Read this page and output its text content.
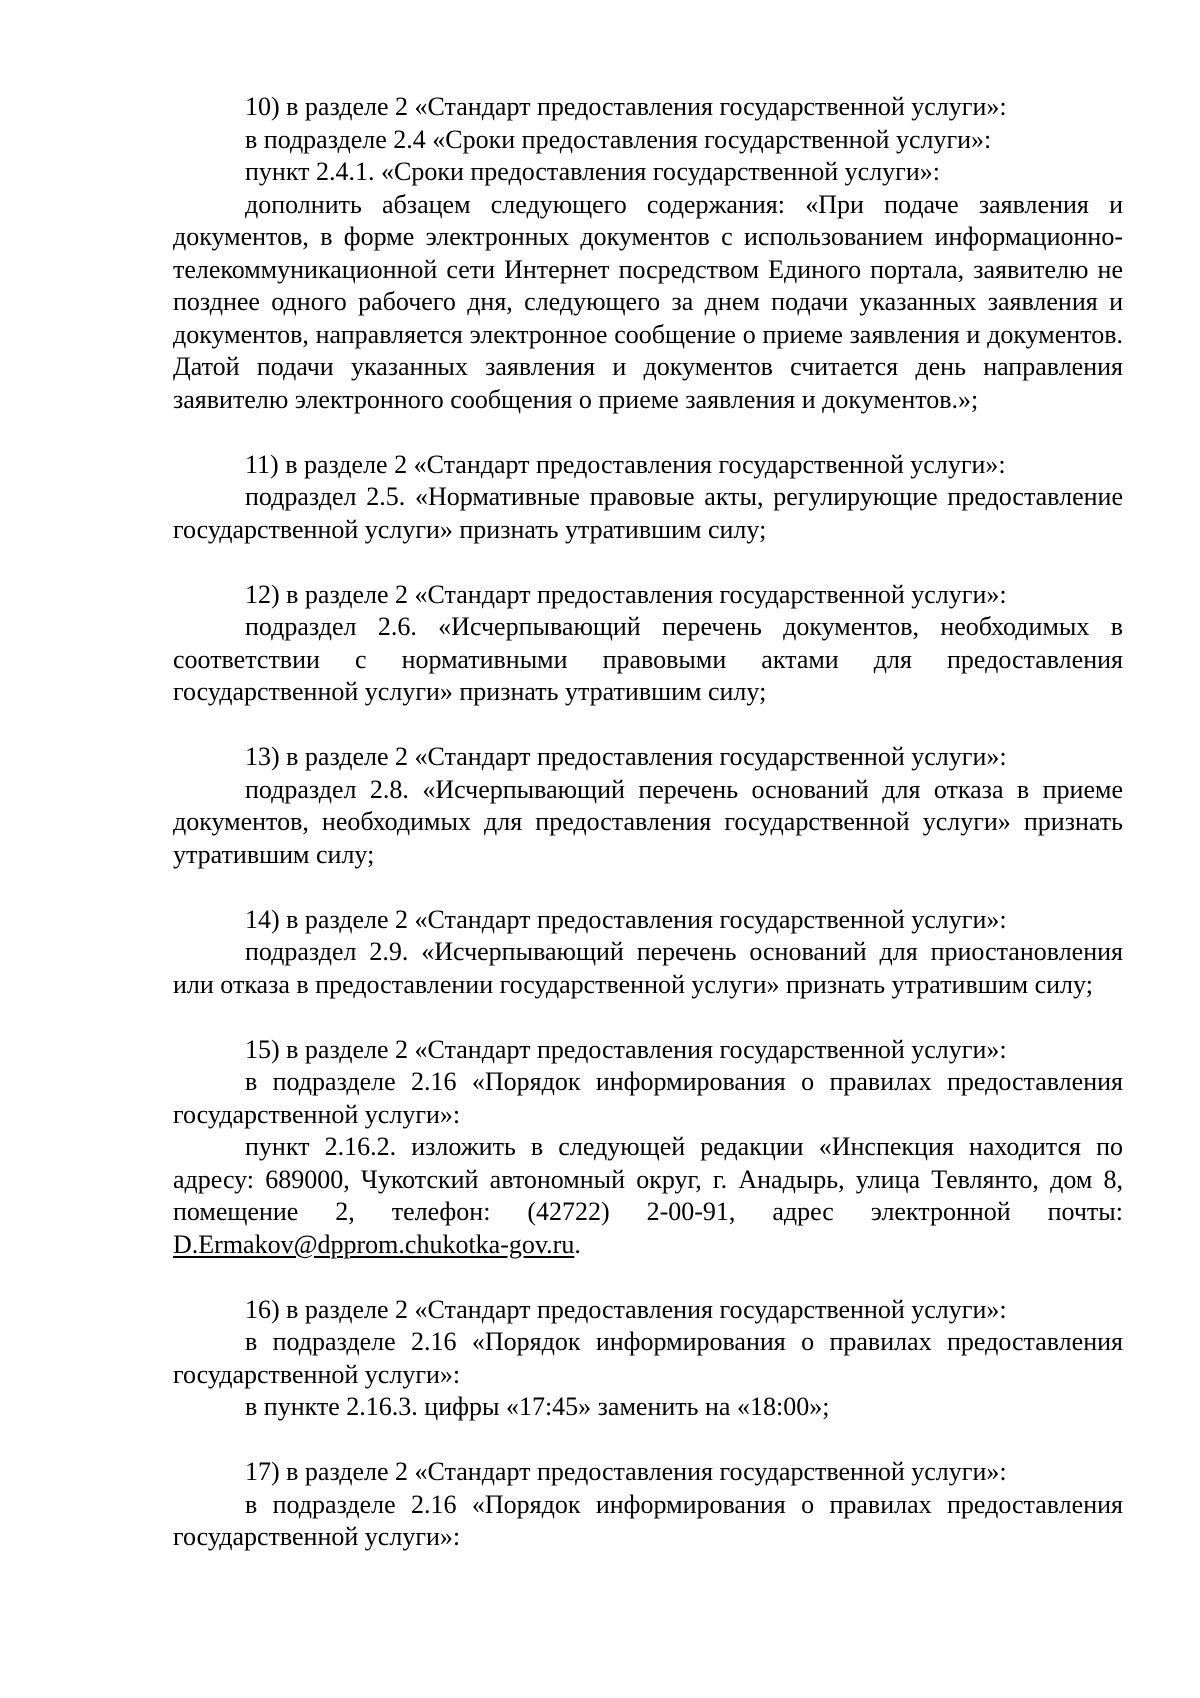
10) в разделе 2 «Стандарт предоставления государственной услуги»:

в подразделе 2.4 «Сроки предоставления государственной услуги»:

пункт 2.4.1. «Сроки предоставления государственной услуги»:

дополнить абзацем следующего содержания: «При подаче заявления и документов, в форме электронных документов с использованием информационно-телекоммуникационной сети Интернет посредством Единого портала, заявителю не позднее одного рабочего дня, следующего за днем подачи указанных заявления и документов, направляется электронное сообщение о приеме заявления и документов. Датой подачи указанных заявления и документов считается день направления заявителю электронного сообщения о приеме заявления и документов.»;

11) в разделе 2 «Стандарт предоставления государственной услуги»:

подраздел 2.5. «Нормативные правовые акты, регулирующие предоставление государственной услуги» признать утратившим силу;

12) в разделе 2 «Стандарт предоставления государственной услуги»:

подраздел 2.6. «Исчерпывающий перечень документов, необходимых в соответствии с нормативными правовыми актами для предоставления государственной услуги» признать утратившим силу;

13) в разделе 2 «Стандарт предоставления государственной услуги»:

подраздел 2.8. «Исчерпывающий перечень оснований для отказа в приеме документов, необходимых для предоставления государственной услуги» признать утратившим силу;

14) в разделе 2 «Стандарт предоставления государственной услуги»:

подраздел 2.9. «Исчерпывающий перечень оснований для приостановления или отказа в предоставлении государственной услуги» признать утратившим силу;

15) в разделе 2 «Стандарт предоставления государственной услуги»:

в подразделе 2.16 «Порядок информирования о правилах предоставления государственной услуги»:

пункт 2.16.2. изложить в следующей редакции «Инспекция находится по адресу: 689000, Чукотский автономный округ, г. Анадырь, улица Тевлянто, дом 8, помещение 2, телефон: (42722) 2-00-91, адрес электронной почты: D.Ermakov@dpprom.chukotka-gov.ru.

16) в разделе 2 «Стандарт предоставления государственной услуги»:

в подразделе 2.16 «Порядок информирования о правилах предоставления государственной услуги»:

в пункте 2.16.3. цифры «17:45» заменить на «18:00»;

17) в разделе 2 «Стандарт предоставления государственной услуги»:

в подразделе 2.16 «Порядок информирования о правилах предоставления государственной услуги»:
